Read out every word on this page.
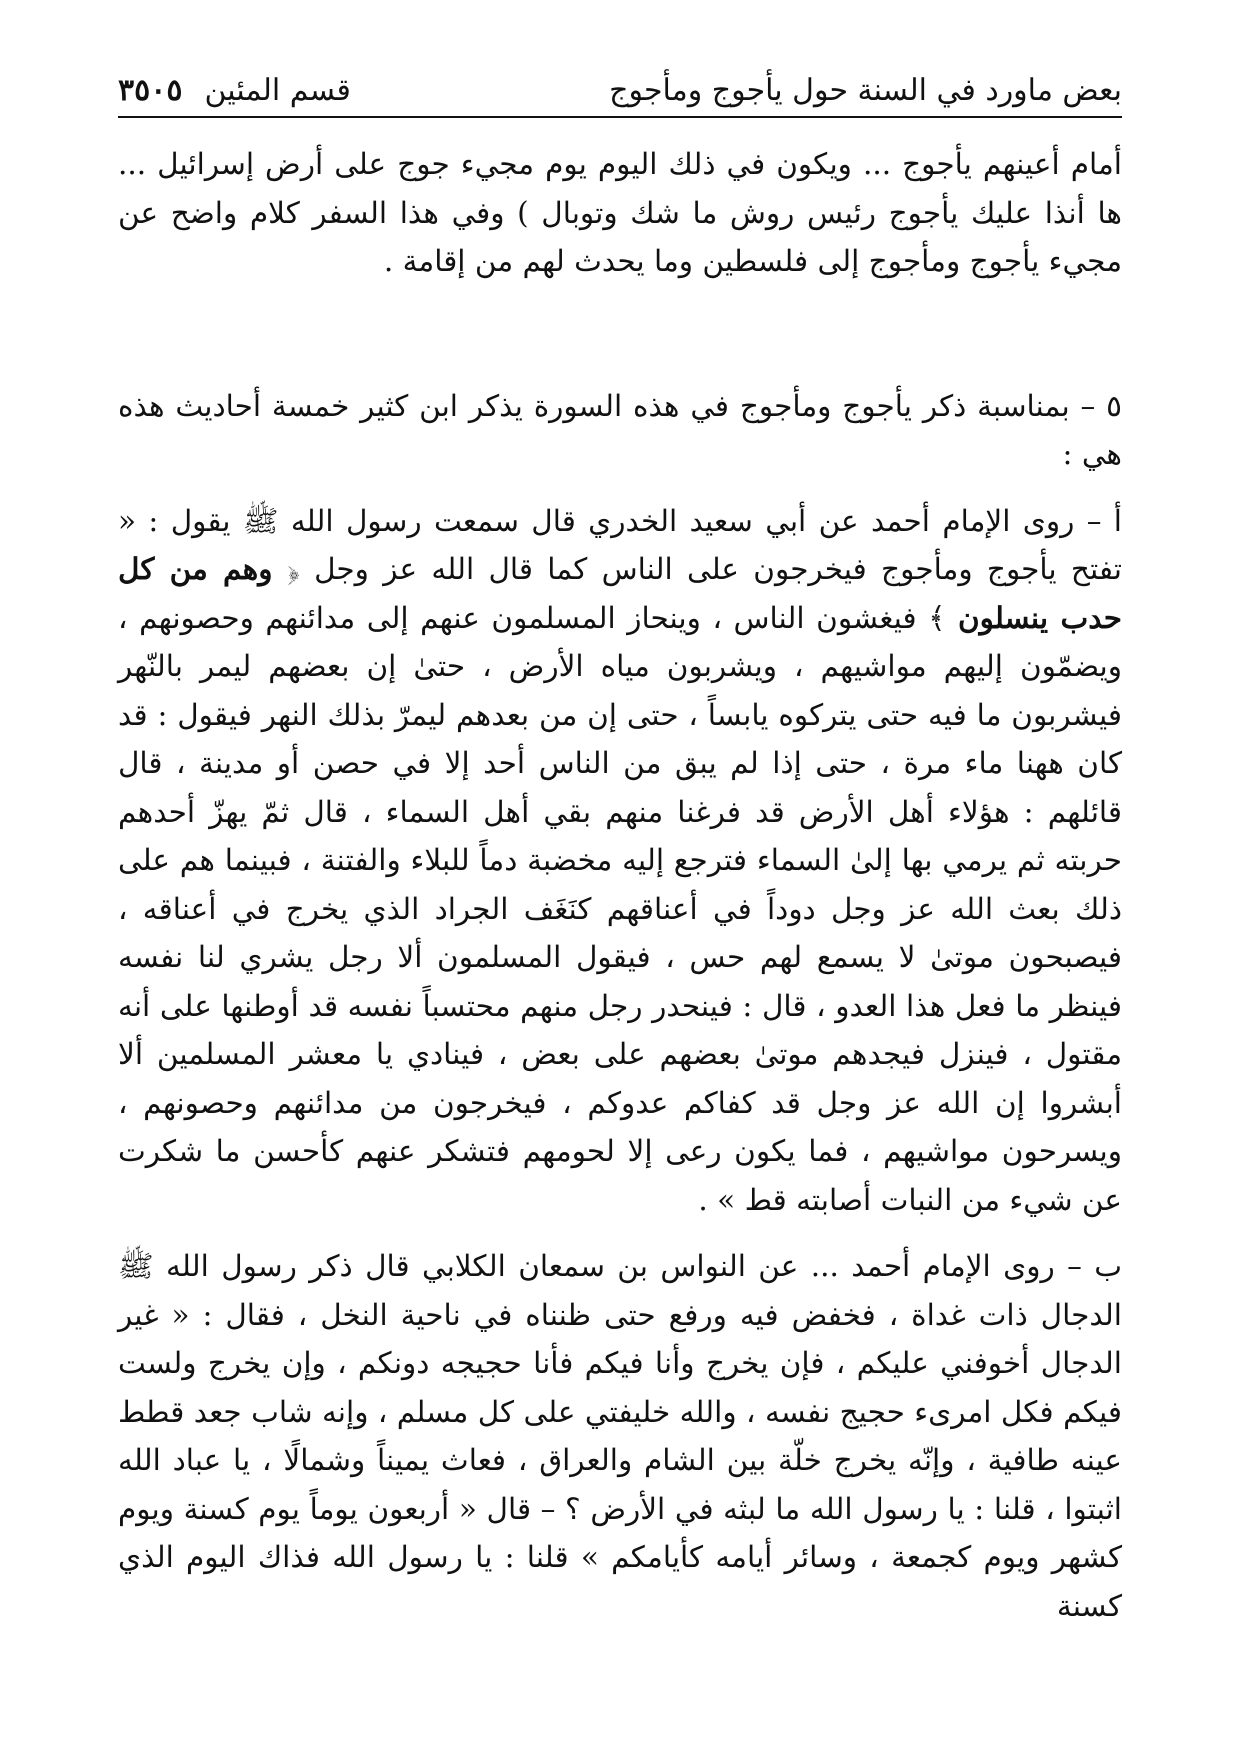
بعض ماورد في السنة حول يأجوج ومأجوج
قسم المئين
٣٥٠٥

أمام أعينهم يأجوج ... ويكون في ذلك اليوم يوم مجيء جوج على أرض إسرائيل ... ها أنذا عليك يأجوج رئيس روش ما شك وتوبال ) وفي هذا السفر كلام واضح عن مجيء يأجوج ومأجوج إلى فلسطين وما يحدث لهم من إقامة .

٥ – بمناسبة ذكر يأجوج ومأجوج في هذه السورة يذكر ابن كثير خمسة أحاديث هذه هي :

أ – روى الإمام أحمد عن أبي سعيد الخدري قال سمعت رسول الله ﷺ يقول : « تفتح يأجوج ومأجوج فيخرجون على الناس كما قال الله عز وجل ﴿ وهم من كل حدب ينسلون ﴾ فيغشون الناس ، وينحاز المسلمون عنهم إلى مدائنهم وحصونهم ، ويضمّون إليهم مواشيهم ، ويشربون مياه الأرض ، حتىٰ إن بعضهم ليمر بالنّهر فيشربون ما فيه حتى يتركوه يابساً ، حتى إن من بعدهم ليمرّ بذلك النهر فيقول : قد كان ههنا ماء مرة ، حتى إذا لم يبق من الناس أحد إلا في حصن أو مدينة ، قال قائلهم : هؤلاء أهل الأرض قد فرغنا منهم بقي أهل السماء ، قال ثمّ يهزّ أحدهم حربته ثم يرمي بها إلىٰ السماء فترجع إليه مخضبة دماً للبلاء والفتنة ، فبينما هم على ذلك بعث الله عز وجل دوداً في أعناقهم كنَغَف الجراد الذي يخرج في أعناقه ، فيصبحون موتىٰ لا يسمع لهم حس ، فيقول المسلمون ألا رجل يشري لنا نفسه فينظر ما فعل هذا العدو ، قال : فينحدر رجل منهم محتسباً نفسه قد أوطنها على أنه مقتول ، فينزل فيجدهم موتىٰ بعضهم على بعض ، فينادي يا معشر المسلمين ألا أبشروا إن الله عز وجل قد كفاكم عدوكم ، فيخرجون من مدائنهم وحصونهم ، ويسرحون مواشيهم ، فما يكون رعى إلا لحومهم فتشكر عنهم كأحسن ما شكرت عن شيء من النبات أصابته قط » .

ب – روى الإمام أحمد ... عن النواس بن سمعان الكلابي قال ذكر رسول الله ﷺ الدجال ذات غداة ، فخفض فيه ورفع حتى ظنناه في ناحية النخل ، فقال : « غير الدجال أخوفني عليكم ، فإن يخرج وأنا فيكم فأنا حجيجه دونكم ، وإن يخرج ولست فيكم فكل امرىء حجيج نفسه ، والله خليفتي على كل مسلم ، وإنه شاب جعد قطط عينه طافية ، وإنّه يخرج خلّة بين الشام والعراق ، فعاث يميناً وشمالًا ، يا عباد الله اثبتوا ، قلنا : يا رسول الله ما لبثه في الأرض ؟ – قال « أربعون يوماً يوم كسنة ويوم كشهر ويوم كجمعة ، وسائر أيامه كأيامكم » قلنا : يا رسول الله فذاك اليوم الذي كسنة
